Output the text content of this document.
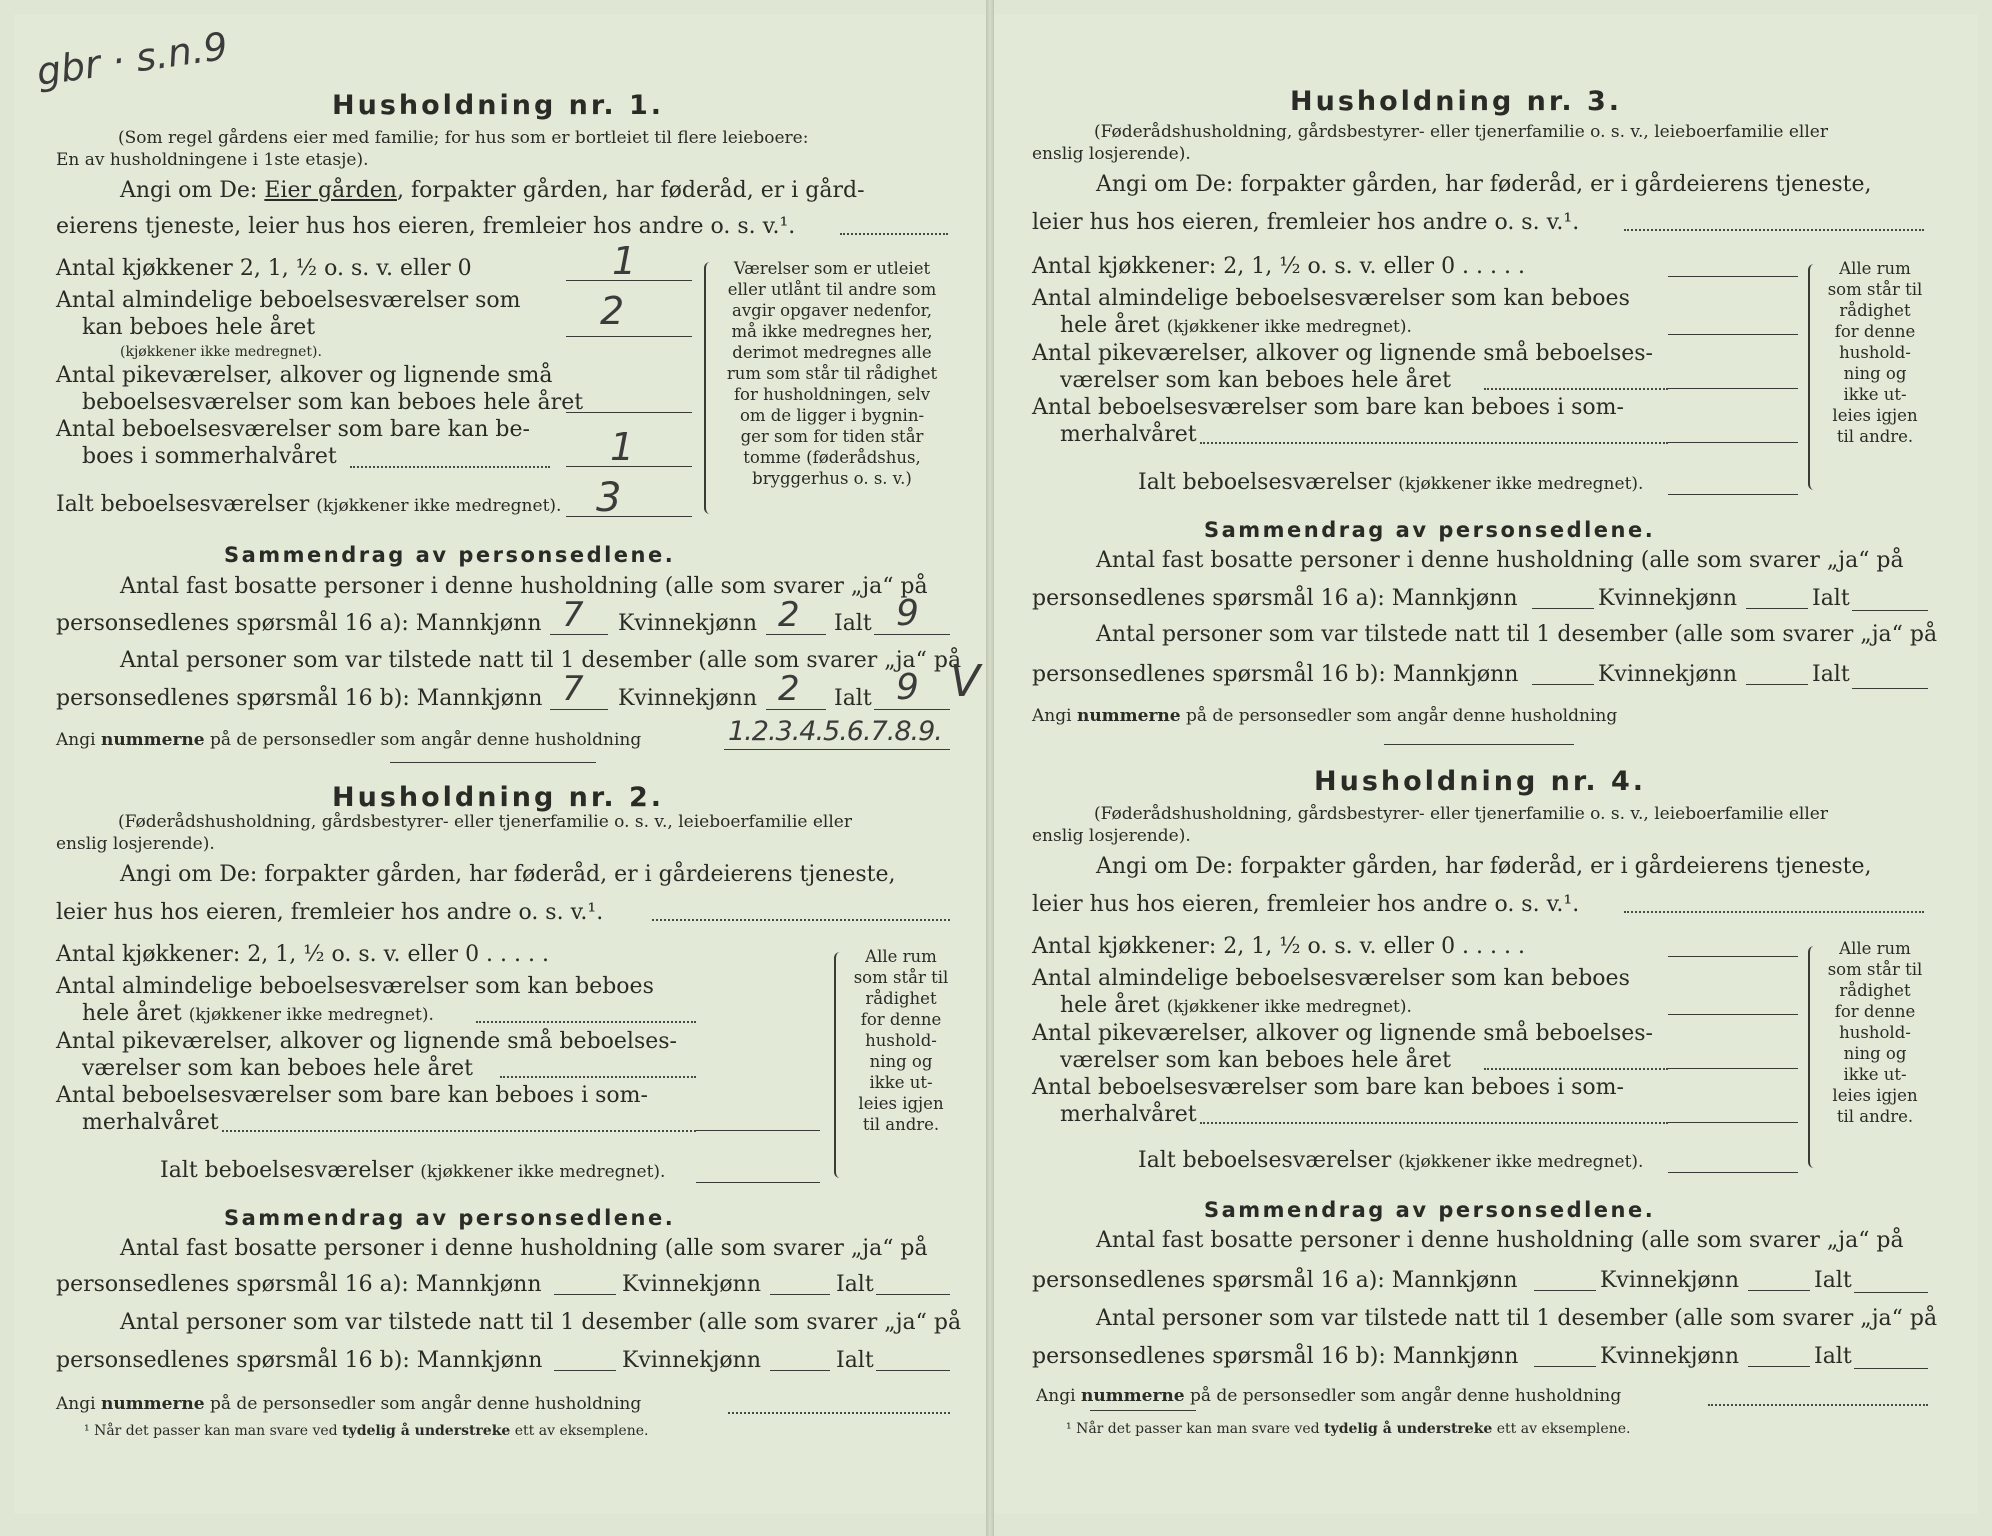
gbr · s.n.9
Husholdning nr. 1.
(Som regel gårdens eier med familie; for hus som er bortleiet til flere leieboere:
En av husholdningene i 1ste etasje).
Angi om De: Eier gården, forpakter gården, har føderåd, er i gård-
eierens tjeneste, leier hus hos eieren, fremleier hos andre o. s. v.¹.
Antal kjøkkener 2, 1, ½ o. s. v. eller 0	1
Antal almindelige beboelsesværelser som
kan beboes hele året
(kjøkkener ikke medregnet).
2
Antal pikeværelser, alkover og lignende små
beboelsesværelser som kan beboes hele året
Antal beboelsesværelser som bare kan be-
boes i sommerhalvåret	1
Ialt beboelsesværelser (kjøkkener ikke medregnet). 3
Værelser som er utleiet
eller utlånt til andre som
avgir opgaver nedenfor,
må ikke medregnes her,
derimot medregnes alle
rum som står til rådighet
for husholdningen, selv
om de ligger i bygnin-
ger som for tiden står
tomme (føderådshus,
bryggerhus o. s. v.)
Sammendrag av personsedlene.
Antal fast bosatte personer i denne husholdning (alle som svarer „ja“ på
personsedlenes spørsmål 16 a): Mannkjønn 7 Kvinnekjønn 2 Ialt 9
Antal personer som var tilstede natt til 1 desember (alle som svarer „ja“ på
personsedlenes spørsmål 16 b): Mannkjønn 7 Kvinnekjønn 2 Ialt 9 V
Angi nummerne på de personsedler som angår denne husholdning	1.2.3.4.5.6.7.8.9.
Husholdning nr. 2.
(Føderådshusholdning, gårdsbestyrer- eller tjenerfamilie o. s. v., leieboerfamilie eller
enslig losjerende).
Angi om De: forpakter gården, har føderåd, er i gårdeierens tjeneste,
leier hus hos eieren, fremleier hos andre o. s. v.¹.
Antal kjøkkener: 2, 1, ½ o. s. v. eller 0 . . . . .
Antal almindelige beboelsesværelser som kan beboes
hele året (kjøkkener ikke medregnet).
Antal pikeværelser, alkover og lignende små beboelses-
værelser som kan beboes hele året
Antal beboelsesværelser som bare kan beboes i som-
merhalvåret
Ialt beboelsesværelser (kjøkkener ikke medregnet).
Alle rum
som står til
rådighet
for denne
hushold-
ning og
ikke ut-
leies igjen
til andre.
Sammendrag av personsedlene.
Antal fast bosatte personer i denne husholdning (alle som svarer „ja“ på
personsedlenes spørsmål 16 a): Mannkjønn	Kvinnekjønn	Ialt
Antal personer som var tilstede natt til 1 desember (alle som svarer „ja“ på
personsedlenes spørsmål 16 b): Mannkjønn	Kvinnekjønn	Ialt
Angi nummerne på de personsedler som angår denne husholdning
¹ Når det passer kan man svare ved tydelig å understreke ett av eksemplene.
Husholdning nr. 3.
(Føderådshusholdning, gårdsbestyrer- eller tjenerfamilie o. s. v., leieboerfamilie eller
enslig losjerende).
Angi om De: forpakter gården, har føderåd, er i gårdeierens tjeneste,
leier hus hos eieren, fremleier hos andre o. s. v.¹.
Antal kjøkkener: 2, 1, ½ o. s. v. eller 0 . . . . .
Antal almindelige beboelsesværelser som kan beboes
hele året (kjøkkener ikke medregnet).
Antal pikeværelser, alkover og lignende små beboelses-
værelser som kan beboes hele året
Antal beboelsesværelser som bare kan beboes i som-
merhalvåret
Ialt beboelsesværelser (kjøkkener ikke medregnet).
Alle rum
som står til
rådighet
for denne
hushold-
ning og
ikke ut-
leies igjen
til andre.
Sammendrag av personsedlene.
Antal fast bosatte personer i denne husholdning (alle som svarer „ja“ på
personsedlenes spørsmål 16 a): Mannkjønn	Kvinnekjønn	Ialt
Antal personer som var tilstede natt til 1 desember (alle som svarer „ja“ på
personsedlenes spørsmål 16 b): Mannkjønn	Kvinnekjønn	Ialt
Angi nummerne på de personsedler som angår denne husholdning
Husholdning nr. 4.
(Føderådshusholdning, gårdsbestyrer- eller tjenerfamilie o. s. v., leieboerfamilie eller
enslig losjerende).
Angi om De: forpakter gården, har føderåd, er i gårdeierens tjeneste,
leier hus hos eieren, fremleier hos andre o. s. v.¹.
Antal kjøkkener: 2, 1, ½ o. s. v. eller 0 . . . . .
Antal almindelige beboelsesværelser som kan beboes
hele året (kjøkkener ikke medregnet).
Antal pikeværelser, alkover og lignende små beboelses-
værelser som kan beboes hele året
Antal beboelsesværelser som bare kan beboes i som-
merhalvåret
Ialt beboelsesværelser (kjøkkener ikke medregnet).
Alle rum
som står til
rådighet
for denne
hushold-
ning og
ikke ut-
leies igjen
til andre.
Sammendrag av personsedlene.
Antal fast bosatte personer i denne husholdning (alle som svarer „ja“ på
personsedlenes spørsmål 16 a): Mannkjønn	Kvinnekjønn	Ialt
Antal personer som var tilstede natt til 1 desember (alle som svarer „ja“ på
personsedlenes spørsmål 16 b): Mannkjønn	Kvinnekjønn	Ialt
Angi nummerne på de personsedler som angår denne husholdning
¹ Når det passer kan man svare ved tydelig å understreke ett av eksemplene.
